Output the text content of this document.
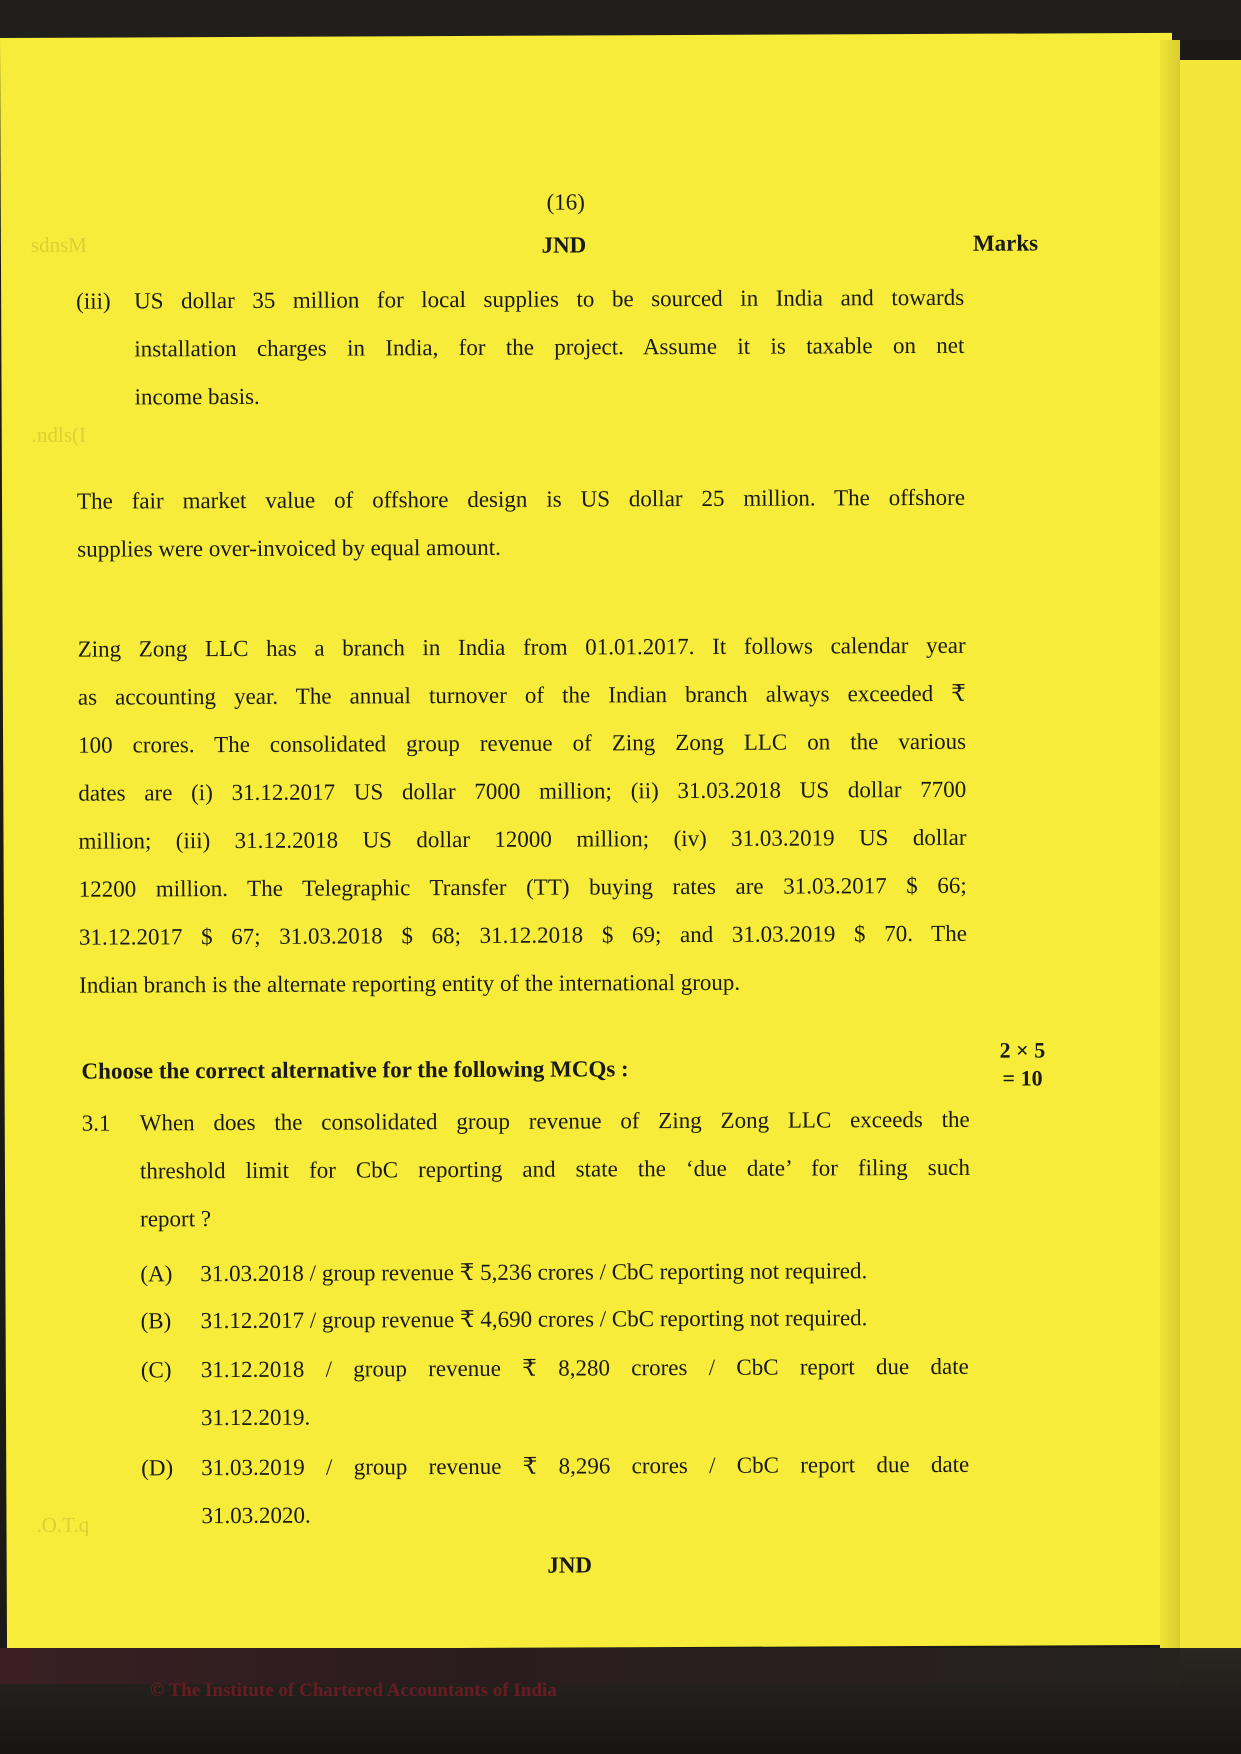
sdnsM
.ndls(I
.O.T.q
(16)
JND	Marks
(iii) US dollar 35 million for local supplies to be sourced in India and towards
installation charges in India, for the project. Assume it is taxable on net
income basis.
The fair market value of offshore design is US dollar 25 million. The offshore
supplies were over-invoiced by equal amount.
Zing Zong LLC has a branch in India from 01.01.2017. It follows calendar year
as accounting year. The annual turnover of the Indian branch always exceeded ₹
100 crores. The consolidated group revenue of Zing Zong LLC on the various
dates are (i) 31.12.2017 US dollar 7000 million; (ii) 31.03.2018 US dollar 7700
million; (iii) 31.12.2018 US dollar 12000 million; (iv) 31.03.2019 US dollar
12200 million. The Telegraphic Transfer (TT) buying rates are 31.03.2017 $ 66;
31.12.2017 $ 67; 31.03.2018 $ 68; 31.12.2018 $ 69; and 31.03.2019 $ 70. The
Indian branch is the alternate reporting entity of the international group.
Choose the correct alternative for the following MCQs :
2 × 5
= 10
3.1 When does the consolidated group revenue of Zing Zong LLC exceeds the
threshold limit for CbC reporting and state the ‘due date’ for filing such
report ?
(A) 31.03.2018 / group revenue ₹ 5,236 crores / CbC reporting not required.
(B) 31.12.2017 / group revenue ₹ 4,690 crores / CbC reporting not required.
(C) 31.12.2018 / group revenue ₹ 8,280 crores / CbC report due date
31.12.2019.
(D) 31.03.2019 / group revenue ₹ 8,296 crores / CbC report due date
31.03.2020.
JND
© The Institute of Chartered Accountants of India
